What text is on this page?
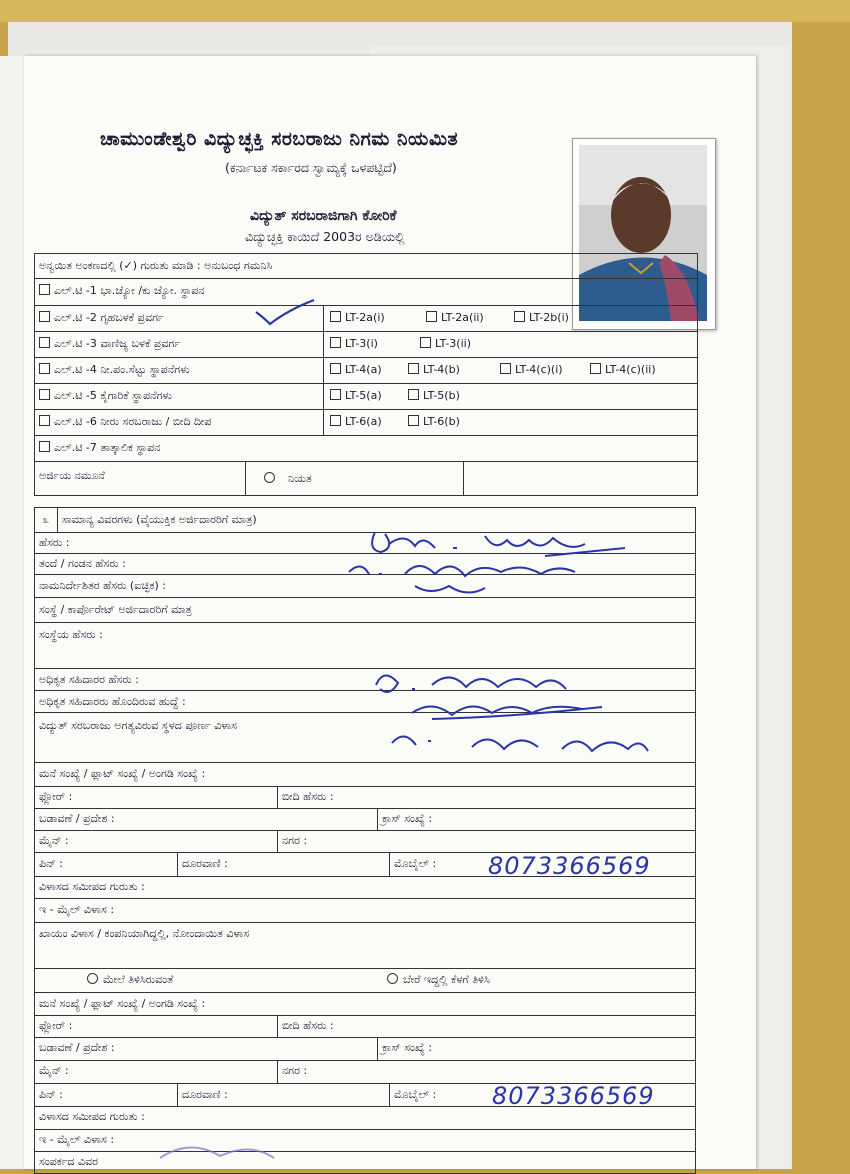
ಚಾಮುಂಡೇಶ್ವರಿ ವಿದ್ಯುಚ್ಛಕ್ತಿ ಸರಬರಾಜು ನಿಗಮ ನಿಯಮಿತ
(ಕರ್ನಾಟಕ ಸರ್ಕಾರದ ಸ್ವಾಮ್ಯಕ್ಕೆ ಒಳಪಟ್ಟಿದೆ)
ವಿದ್ಯುತ್ ಸರಬರಾಜಿಗಾಗಿ ಕೋರಿಕೆ
ವಿದ್ಯುಚ್ಛಕ್ತಿ ಕಾಯಿದೆ 2003ರ ಅಡಿಯಲ್ಲಿ
ಅನ್ವಯಿತ ಅಂಕಣದಲ್ಲಿ (✓) ಗುರುತು ಮಾಡಿ : ಅನುಬಂಧ ಗಮನಿಸಿ
ಎಲ್.ಟಿ -1 ಭಾ.ಜ್ಯೋ /ಕು ಜ್ಯೋ. ಸ್ಥಾಪನ
ಎಲ್.ಟಿ -2 ಗೃಹಬಳಕೆ ಪ್ರವರ್ಗ	LT-2a(i)	LT-2a(ii)	LT-2b(i)
ಎಲ್.ಟಿ -3 ವಾಣಿಜ್ಯ ಬಳಕೆ ಪ್ರವರ್ಗ	LT-3(i)	LT-3(ii)
ಎಲ್.ಟಿ -4 ನೀ.ಪಂ.ಸೆಟ್ಟು ಸ್ಥಾಪನೆಗಳು	LT-4(a)	LT-4(b)	LT-4(c)(i)	LT-4(c)(ii)
ಎಲ್.ಟಿ -5 ಕೈಗಾರಿಕೆ ಸ್ಥಾಪನೆಗಳು	LT-5(a)	LT-5(b)
ಎಲ್.ಟಿ -6 ನೀರು ಸರಬರಾಜು / ಬೀದಿ ದೀಪ	LT-6(a)	LT-6(b)
ಎಲ್.ಟಿ -7 ತಾತ್ಕಾಲಿಕ ಸ್ಥಾಪನ
ಅರ್ಜಿಯ ನಮೂನೆ	ನಿಯತ
೩	ಸಾಮಾನ್ಯ ವಿವರಗಳು (ವೈಯುಕ್ತಿಕ ಅರ್ಜಿದಾರರಿಗೆ ಮಾತ್ರ)
ಹೆಸರು :
ತಂದೆ / ಗಂಡನ ಹೆಸರು :
ನಾಮನಿರ್ದೇಶಿತರ ಹೆಸರು (ಐಚ್ಛಿಕ) :
ಸಂಸ್ಥೆ / ಕಾರ್ಪೊರೇಟ್ ಅರ್ಜಿದಾರರಿಗೆ ಮಾತ್ರ
ಸಂಸ್ಥೆಯ ಹೆಸರು :
ಅಧಿಕೃತ ಸಹಿದಾರರ ಹೆಸರು :
ಅಧಿಕೃತ ಸಹಿದಾರರು ಹೊಂದಿರುವ ಹುದ್ದೆ :
ವಿದ್ಯುತ್ ಸರಬರಾಜು ಅಗತ್ಯವಿರುವ ಸ್ಥಳದ ಪೂರ್ಣ ವಿಳಾಸ
ಮನೆ ಸಂಖ್ಯೆ / ಫ್ಲಾಟ್ ಸಂಖ್ಯೆ / ಅಂಗಡಿ ಸಂಖ್ಯೆ :
ಫ್ಲೋರ್ :	ಬೀದಿ ಹೆಸರು :
ಬಡಾವಣೆ / ಪ್ರದೇಶ :	ಕ್ರಾಸ್ ಸಂಖ್ಯೆ :
ಮೈನ್ :	ನಗರ :
ಪಿನ್ :	ದೂರವಾಣಿ :	ಮೊಬೈಲ್ :
ವಿಳಾಸದ ಸಮೀಪದ ಗುರುತು :
ಇ - ಮೈಲ್ ವಿಳಾಸ :
ಖಾಯಂ ವಿಳಾಸ / ಕಂಪನಿಯಾಗಿದ್ದಲ್ಲಿ, ನೋಂದಾಯಿತ ವಿಳಾಸ
ಮೇಲೆ ತಿಳಿಸಿರುವಂತೆ	ಬೇರೆ ಇದ್ದಲ್ಲಿ ಕೆಳಗೆ ತಿಳಿಸಿ
ಮನೆ ಸಂಖ್ಯೆ / ಫ್ಲಾಟ್ ಸಂಖ್ಯೆ / ಅಂಗಡಿ ಸಂಖ್ಯೆ :
ಫ್ಲೋರ್ :	ಬೀದಿ ಹೆಸರು :
ಬಡಾವಣೆ / ಪ್ರದೇಶ :	ಕ್ರಾಸ್ ಸಂಖ್ಯೆ :
ಮೈನ್ :	ನಗರ :
ಪಿನ್ :	ದೂರವಾಣಿ :	ಮೊಬೈಲ್ :
ವಿಳಾಸದ ಸಮೀಪದ ಗುರುತು :
ಇ - ಮೈಲ್ ವಿಳಾಸ :
ಸಂಪರ್ಕದ ವಿವರ
8073366569
8073366569
